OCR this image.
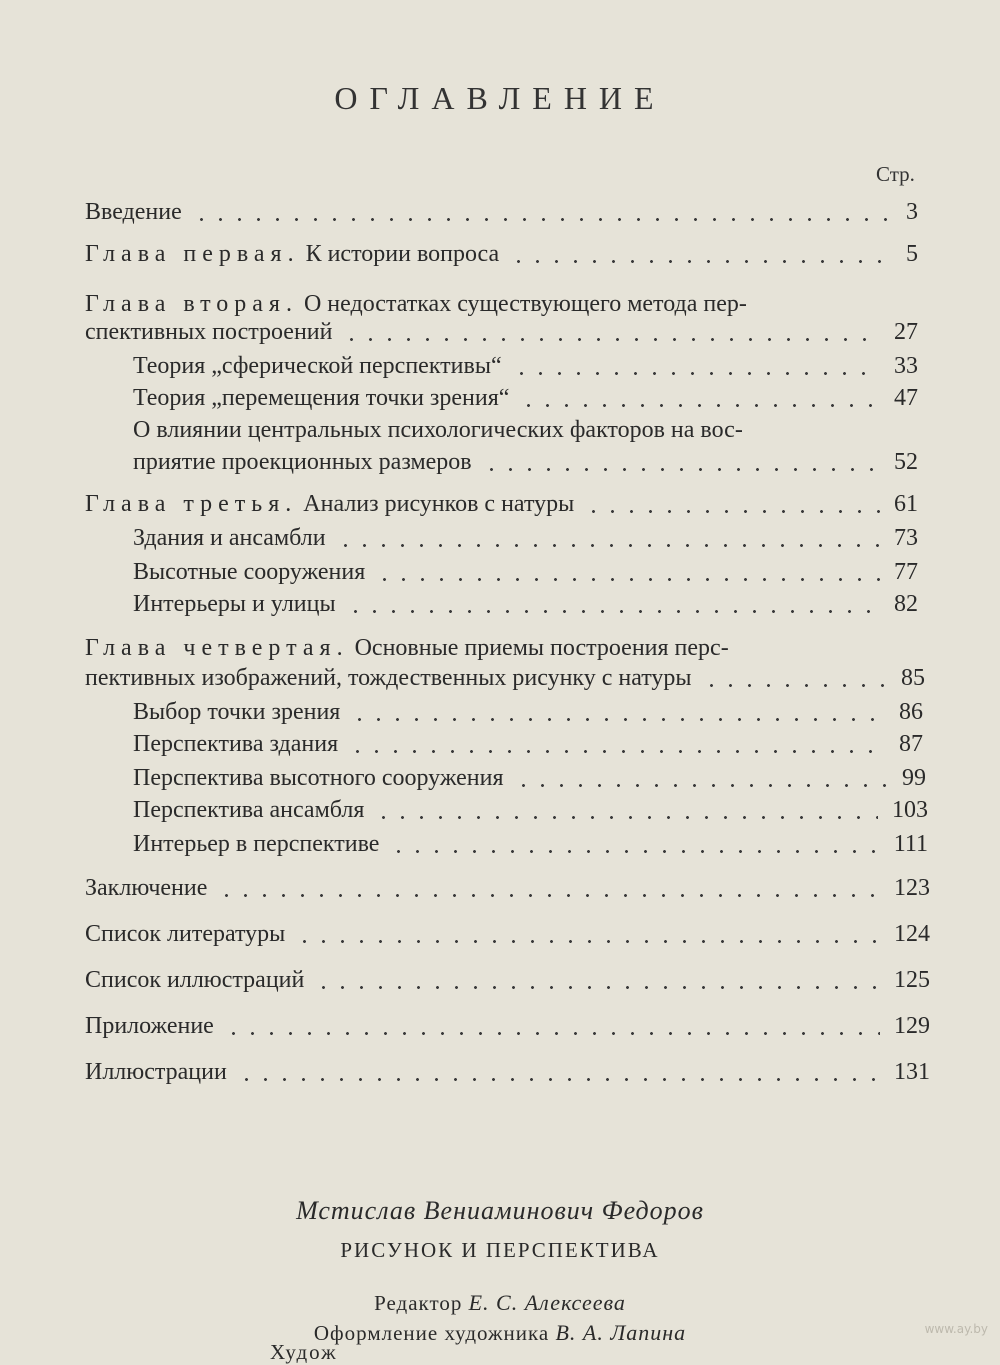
ОГЛАВЛЕНИЕ
Стр.
Введение	3
Глава первая. К истории вопроса	5
Глава вторая. О недостатках существующего метода пер-
спективных построений	27
Теория „сферической перспективы“	33
Теория „перемещения точки зрения“	47
О влиянии центральных психологических факторов на вос-
приятие проекционных размеров	52
Глава третья. Анализ рисунков с натуры	61
Здания и ансамбли	73
Высотные сооружения	77
Интерьеры и улицы	82
Глава четвертая. Основные приемы построения перс-
пективных изображений, тождественных рисунку с натуры	85
Выбор точки зрения	86
Перспектива здания	87
Перспектива высотного сооружения	99
Перспектива ансамбля	103
Интерьер в перспективе	111
Заключение	123
Список литературы	124
Список иллюстраций	125
Приложение	129
Иллюстрации	131
Мстислав Вениаминович Федоров
РИСУНОК И ПЕРСПЕКТИВА
Редактор Е. С. Алексеева
Оформление художника В. А. Лапина
Худож
www.ay.by
